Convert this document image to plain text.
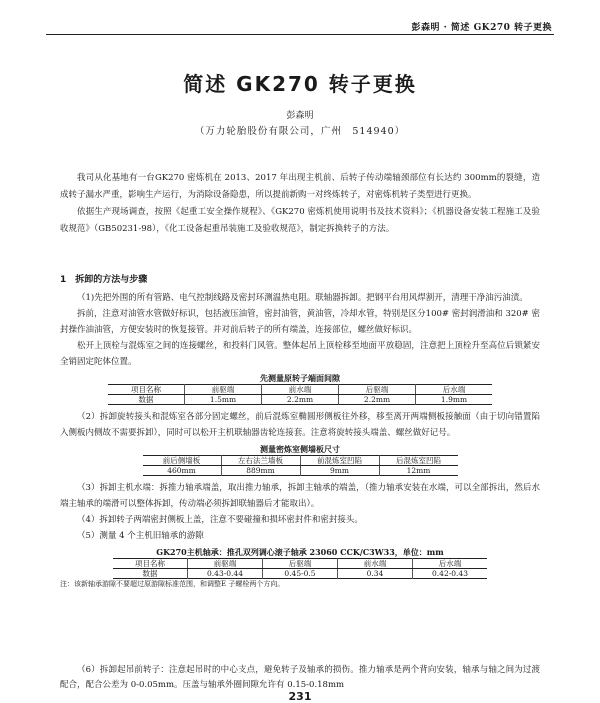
彭森明 · 简述 GK270 转子更换
简述 GK270 转子更换
彭森明
（万力轮胎股份有限公司，广州　514940）

我司从化基地有一台GK270 密炼机在 2013、2017 年出现主机前、后转子传动端轴颈部位有长达约 300mm的裂缝，造成转子漏水严重，影响生产运行，为消除设备隐患，所以提前新购一对终炼转子，对密炼机转子类型进行更换。

依据生产现场调查，按照《起重工安全操作规程》、《GK270 密炼机使用说明书及技术资料》；《机器设备安装工程施工及验收规范》（GB50231-98），《化工设备起重吊装施工及验收规范》，制定拆换转子的方法。

1　拆卸的方法与步骤

（1)先把外围的所有管路、电气控制线路及密封环测温热电阻。联轴器拆卸。把钢平台用风焊割开，清理干净油污油渍。

拆前，注意对油管水管做好标识，包括液压油管，密封油管，黄油管，冷却水管，特别是区分100# 密封润滑油和 320# 密封操作油油管，方便安装时的恢复接管。并对前后转子的所有端盖，连接部位，螺丝做好标识。

松开上顶栓与混炼室之间的连接螺丝，和投料门风管。整体起吊上顶栓移至地面平放稳固，注意把上顶栓升至高位后锁紧安全销固定陀体位置。

先测量原转子端面间隙
项目名称	前驱端	前水端	后驱端	后水端
数据	1.5mm	2.2mm	2.2mm	1.9mm

（2）拆卸旋转接头和混炼室各部分固定螺丝，前后混炼室椭圆形侧板往外移，移至离开两端侧板接触面（由于切向错置陷入侧板内侧故不需要拆卸），同时可以松开主机联轴器齿轮连接套。注意将旋转接头端盖、螺丝做好记号。

测量密炼室侧墙板尺寸
前后侧墙板	左右法兰墙板	前混炼室凹陷	后混炼室凹陷
460mm	889mm	9mm	12mm

（3）拆卸主机水端：拆推力轴承端盖，取出推力轴承，拆卸主轴承的端盖，（推力轴承安装在水端，可以全部拆出，然后水端主轴承的端滑可以整体拆卸，传动端必须拆卸联轴器后才能取出）。

（4）拆卸转子两端密封侧板上盖，注意不要碰撞和损坏密封件和密封接头。

（5）测量 4 个主机旧轴承的游隙

GK270主机轴承：推孔双列调心滚子轴承 23060 CCK/C3W33，单位：mm
项目名称	前驱端	后驱端	前水端	后水端
数据	0.43-0.44	0.45-0.5	0.34	0.42-0.43

注：该新轴承游隙不要超过原游隙标准范围，和调整E 子螺栓两个方向。

（6）拆卸起吊前转子：注意起吊时的中心支点，避免转子及轴承的损伤。推力轴承是两个背向安装，轴承与轴之间为过渡配合，配合公差为 0-0.05mm。压盖与轴承外圈间隙允许有 0.15-0.18mm

231
